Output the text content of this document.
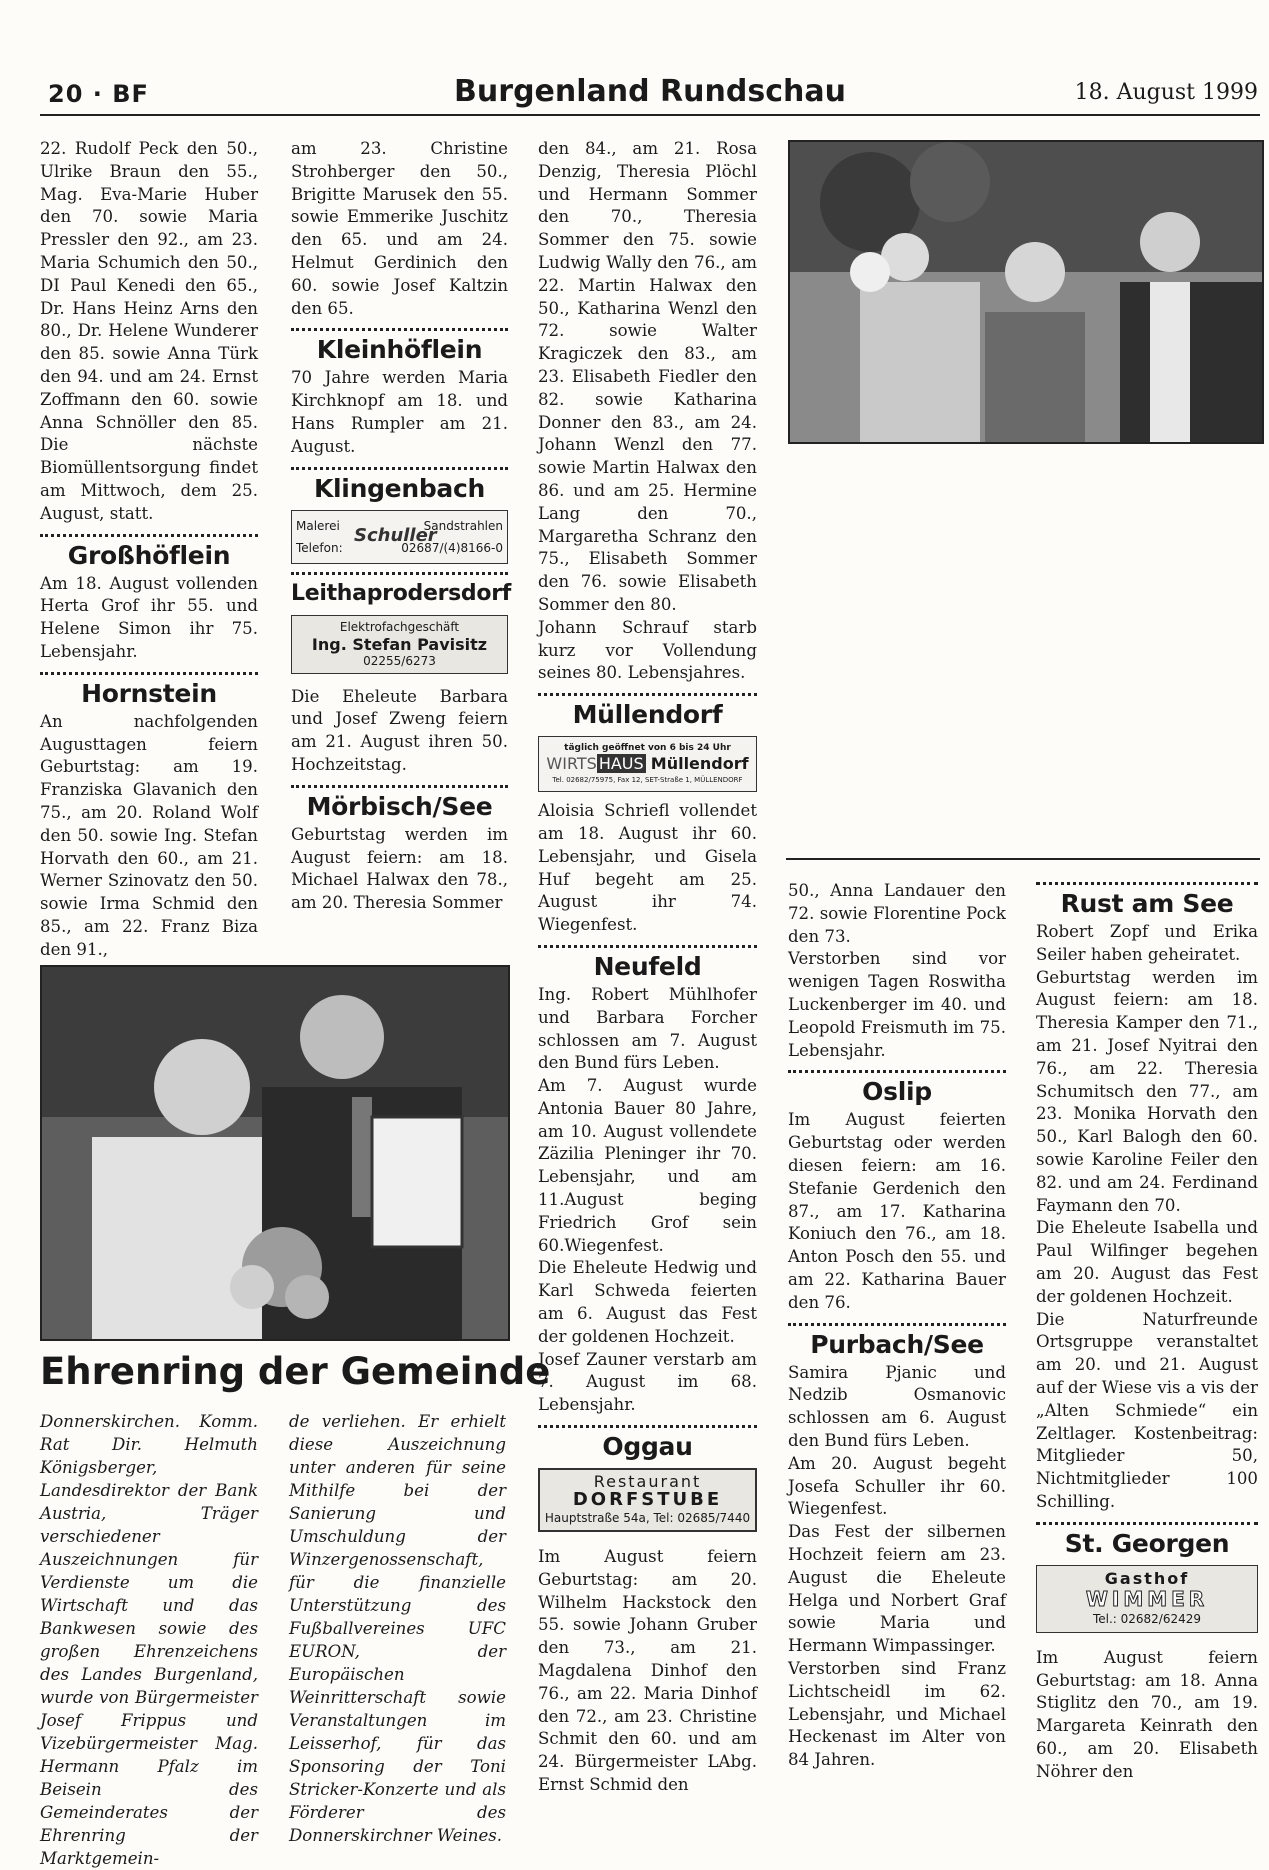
20 · BF	Burgenland Rundschau	18. August 1999

22. Rudolf Peck den 50., Ulrike Braun den 55., Mag. Eva-Marie Huber den 70. sowie Maria Pressler den 92., am 23. Maria Schumich den 50., DI Paul Kenedi den 65., Dr. Hans Heinz Arns den 80., Dr. Helene Wunderer den 85. sowie Anna Türk den 94. und am 24. Ernst Zoffmann den 60. sowie Anna Schnöller den 85. Die nächste Biomüllentsorgung findet am Mittwoch, dem 25. August, statt.

Großhöflein

Am 18. August vollenden Herta Grof ihr 55. und Helene Simon ihr 75. Lebensjahr.

Hornstein

An nachfolgenden Augusttagen feiern Geburtstag: am 19. Franziska Glavanich den 75., am 20. Roland Wolf den 50. sowie Ing. Stefan Horvath den 60., am 21. Werner Szinovatz den 50. sowie Irma Schmid den 85., am 22. Franz Biza den 91.,

am 23. Christine Strohberger den 50., Brigitte Marusek den 55. sowie Emmerike Juschitz den 65. und am 24. Helmut Gerdinich den 60. sowie Josef Kaltzin den 65.

Kleinhöflein

70 Jahre werden Maria Kirchknopf am 18. und Hans Rumpler am 21. August.

Klingenbach
Malerei	Sandstrahlen
Schuller
Telefon:	02687/(4)8166-0
Leithaprodersdorf
Elektrofachgeschäft
Ing. Stefan Pavisitz
02255/6273

Die Eheleute Barbara und Josef Zweng feiern am 21. August ihren 50. Hochzeitstag.

Mörbisch/See

Geburtstag werden im August feiern: am 18. Michael Halwax den 78., am 20. Theresia Sommer

den 84., am 21. Rosa Denzig, Theresia Plöchl und Hermann Sommer den 70., Theresia Sommer den 75. sowie Ludwig Wally den 76., am 22. Martin Halwax den 50., Katharina Wenzl den 72. sowie Walter Kragiczek den 83., am 23. Elisabeth Fiedler den 82. sowie Katharina Donner den 83., am 24. Johann Wenzl den 77. sowie Martin Halwax den 86. und am 25. Hermine Lang den 70., Margaretha Schranz den 75., Elisabeth Sommer den 76. sowie Elisabeth Sommer den 80.

Johann Schrauf starb kurz vor Vollendung seines 80. Lebensjahres.

Müllendorf
täglich geöffnet von 6 bis 24 Uhr
WIRTS HAUS Müllendorf
Tel. 02682/75975, Fax 12, SET-Straße 1, MÜLLENDORF

Aloisia Schriefl vollendet am 18. August ihr 60. Lebensjahr, und Gisela Huf begeht am 25. August ihr 74. Wiegenfest.

Neufeld

Ing. Robert Mühlhofer und Barbara Forcher schlossen am 7. August den Bund fürs Leben.

Am 7. August wurde Antonia Bauer 80 Jahre, am 10. August vollendete Zäzilia Pleninger ihr 70. Lebensjahr, und am 11.August beging Friedrich Grof sein 60.Wiegenfest.

Die Eheleute Hedwig und Karl Schweda feierten am 6. August das Fest der goldenen Hochzeit.

Josef Zauner verstarb am 7. August im 68. Lebensjahr.

Oggau
Restaurant
DORFSTUBE
Hauptstraße 54a, Tel: 02685/7440

Im August feiern Geburtstag: am 20. Wilhelm Hackstock den 55. sowie Johann Gruber den 73., am 21. Magdalena Dinhof den 76., am 22. Maria Dinhof den 72., am 23. Christine Schmit den 60. und am 24. Bürgermeister LAbg. Ernst Schmid den

50., Anna Landauer den 72. sowie Florentine Pock den 73.

Verstorben sind vor wenigen Tagen Roswitha Luckenberger im 40. und Leopold Freismuth im 75. Lebensjahr.

Oslip

Im August feierten Geburtstag oder werden diesen feiern: am 16. Stefanie Gerdenich den 87., am 17. Katharina Koniuch den 76., am 18. Anton Posch den 55. und am 22. Katharina Bauer den 76.

Purbach/See

Samira Pjanic und Nedzib Osmanovic schlossen am 6. August den Bund fürs Leben.

Am 20. August begeht Josefa Schuller ihr 60. Wiegenfest.

Das Fest der silbernen Hochzeit feiern am 23. August die Eheleute Helga und Norbert Graf sowie Maria und Hermann Wimpassinger.

Verstorben sind Franz Lichtscheidl im 62. Lebensjahr, und Michael Heckenast im Alter von 84 Jahren.

Rust am See

Robert Zopf und Erika Seiler haben geheiratet.

Geburtstag werden im August feiern: am 18. Theresia Kamper den 71., am 21. Josef Nyitrai den 76., am 22. Theresia Schumitsch den 77., am 23. Monika Horvath den 50., Karl Balogh den 60. sowie Karoline Feiler den 82. und am 24. Ferdinand Faymann den 70.

Die Eheleute Isabella und Paul Wilfinger begehen am 20. August das Fest der goldenen Hochzeit.

Die Naturfreunde Ortsgruppe veranstaltet am 20. und 21. August auf der Wiese vis a vis der „Alten Schmiede“ ein Zeltlager. Kostenbeitrag: Mitglieder 50, Nichtmitglieder 100 Schilling.

St. Georgen
Gasthof
WIMMER
Tel.: 02682/62429

Im August feiern Geburtstag: am 18. Anna Stiglitz den 70., am 19. Margareta Keinrath den 60., am 20. Elisabeth Nöhrer den

Ehrenring der Gemeinde
Donnerskirchen. Komm. Rat Dir. Helmuth Königsberger, Landesdirektor der Bank Austria, Träger verschiedener Auszeichnungen für Verdienste um die Wirtschaft und das Bankwesen sowie des großen Ehrenzeichens des Landes Burgenland, wurde von Bürgermeister Josef Frippus und Vizebürgermeister Mag. Hermann Pfalz im Beisein des Gemeinderates der Ehrenring der Marktgemein-
de verliehen. Er erhielt diese Auszeichnung unter anderen für seine Mithilfe bei der Sanierung und Umschuldung der Winzergenossenschaft, für die finanzielle Unterstützung des Fußballvereines UFC EURON, der Europäischen Weinritterschaft sowie Veranstaltungen im Leisserhof, für das Sponsoring der Toni Stricker-Konzerte und als Förderer des Donnerskirchner Weines.
